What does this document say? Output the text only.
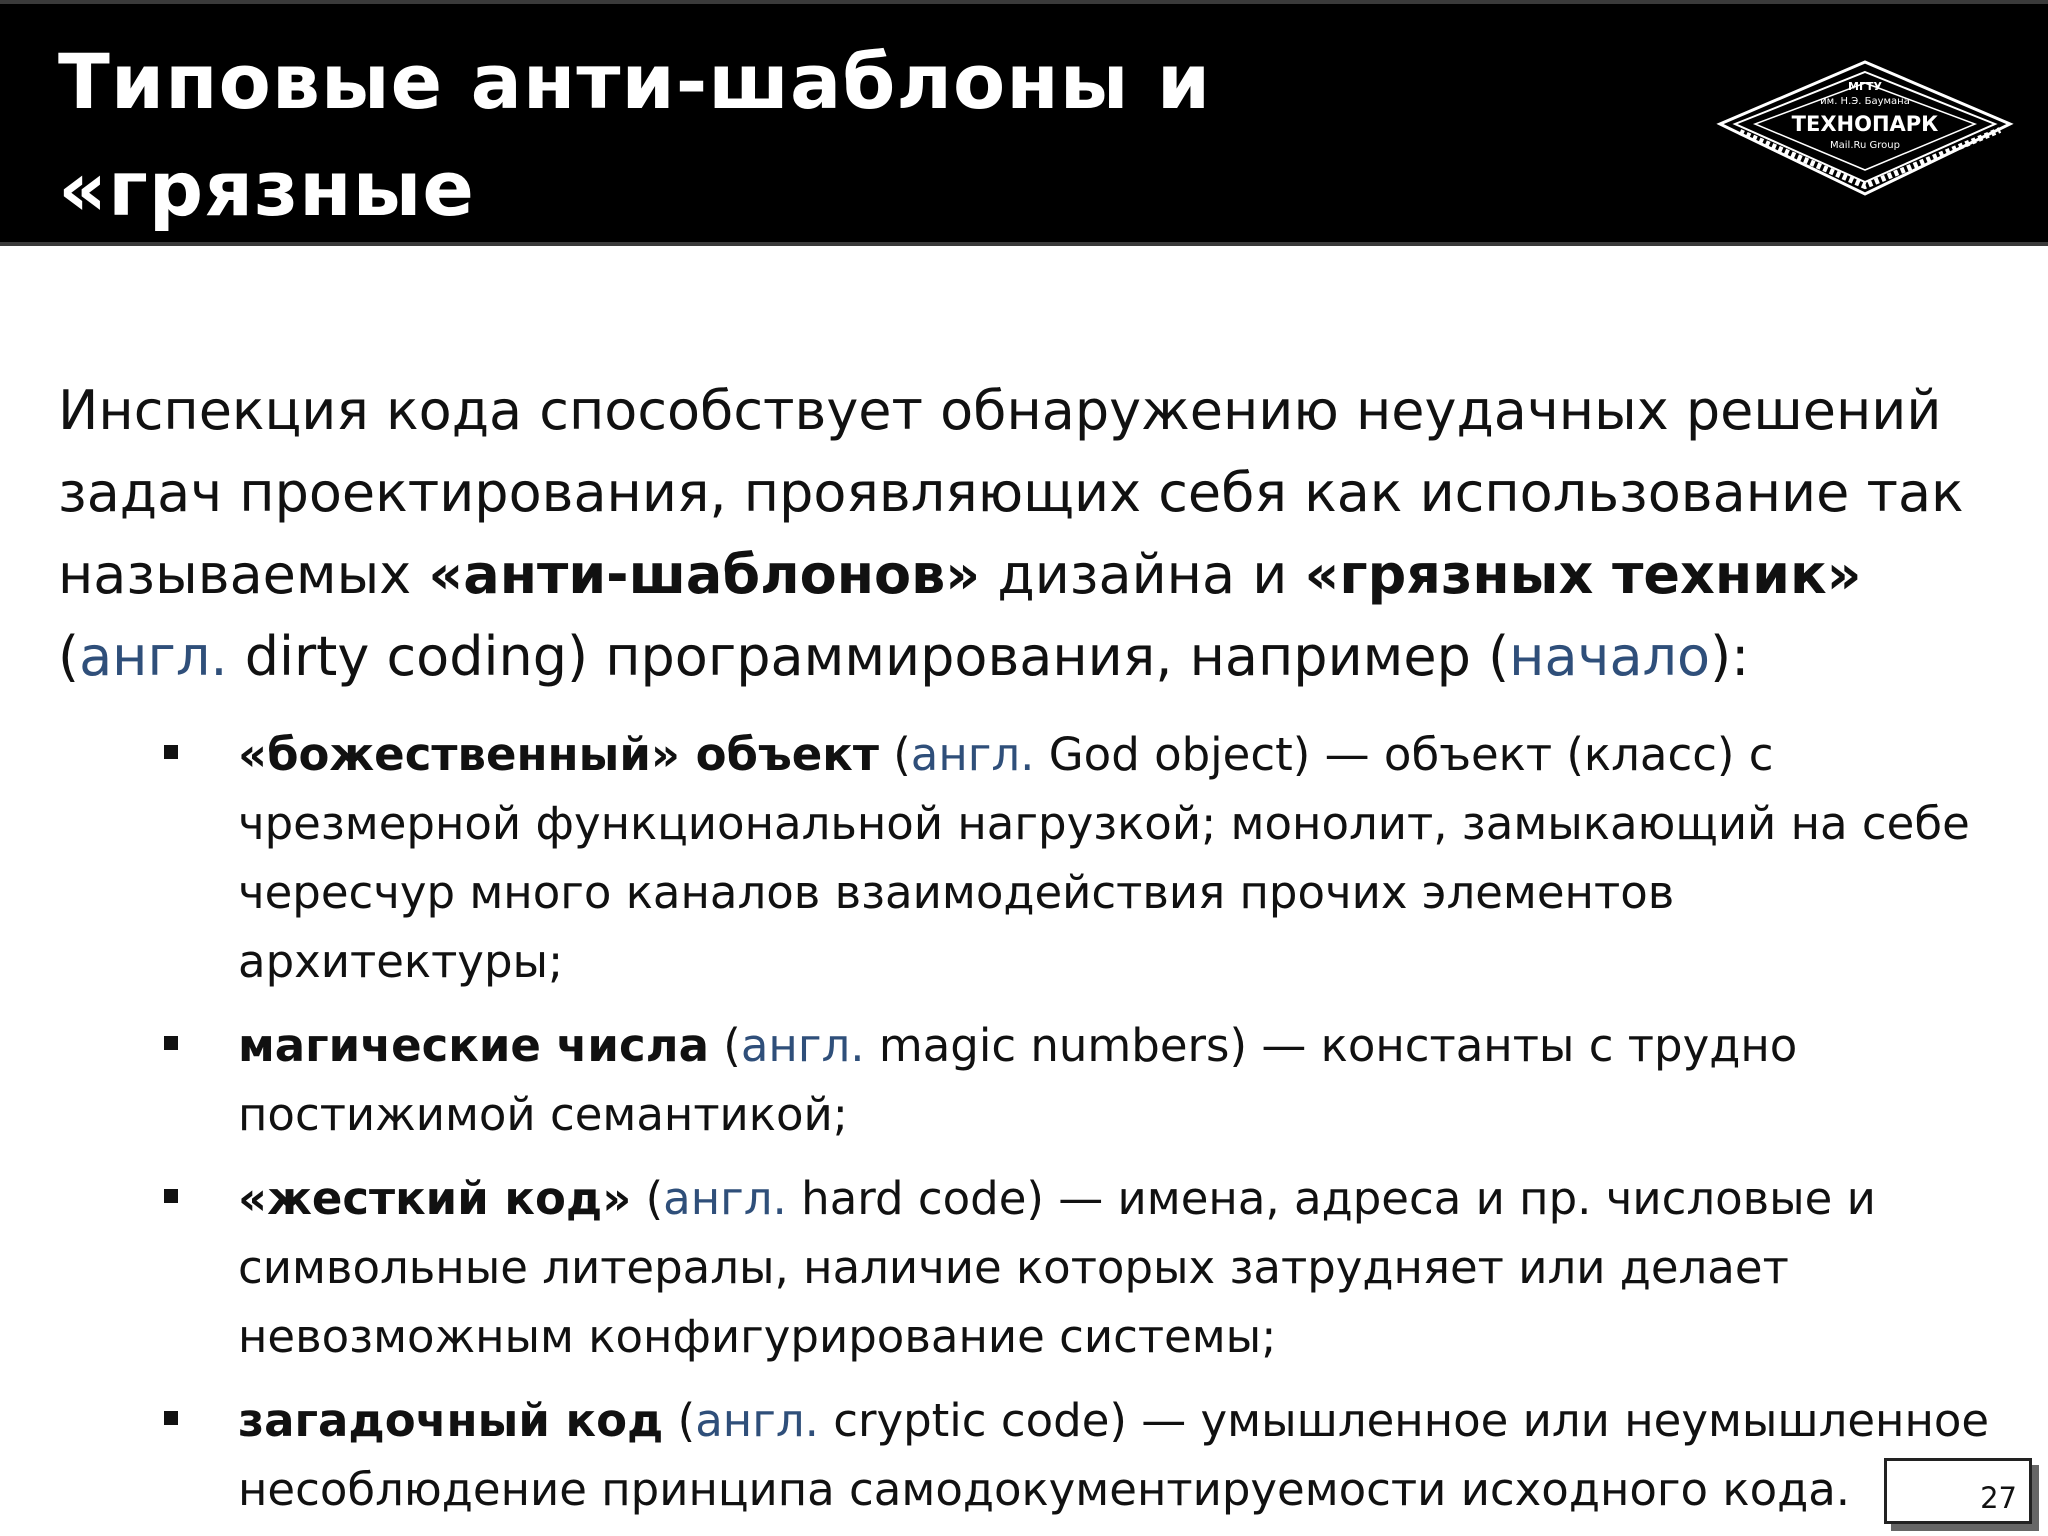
Типовые анти-шаблоны и «грязные
техники» (1 / 2)
МГТУ
им. Н.Э. Баумана
ТЕХНОПАРК
Mail.Ru Group

Инспекция кода способствует обнаружению неудачных решений задач проектирования, проявляющих себя как использование так называемых «анти-шаблонов» дизайна и «грязных техник»
(англ. dirty coding) программирования, например (начало):

«божественный» объект (англ. God object) — объект (класс) с чрезмерной функциональной нагрузкой; монолит, замыкающий на себе чересчур много каналов взаимодействия прочих элементов архитектуры;
магические числа (англ. magic numbers) — константы с трудно постижимой семантикой;
«жесткий код» (англ. hard code) — имена, адреса и пр. числовые и символьные литералы, наличие которых затрудняет или делает невозможным конфигурирование системы;
загадочный код (англ. cryptic code) — умышленное или неумышленное несоблюдение принципа самодокументируемости исходного кода.	27
